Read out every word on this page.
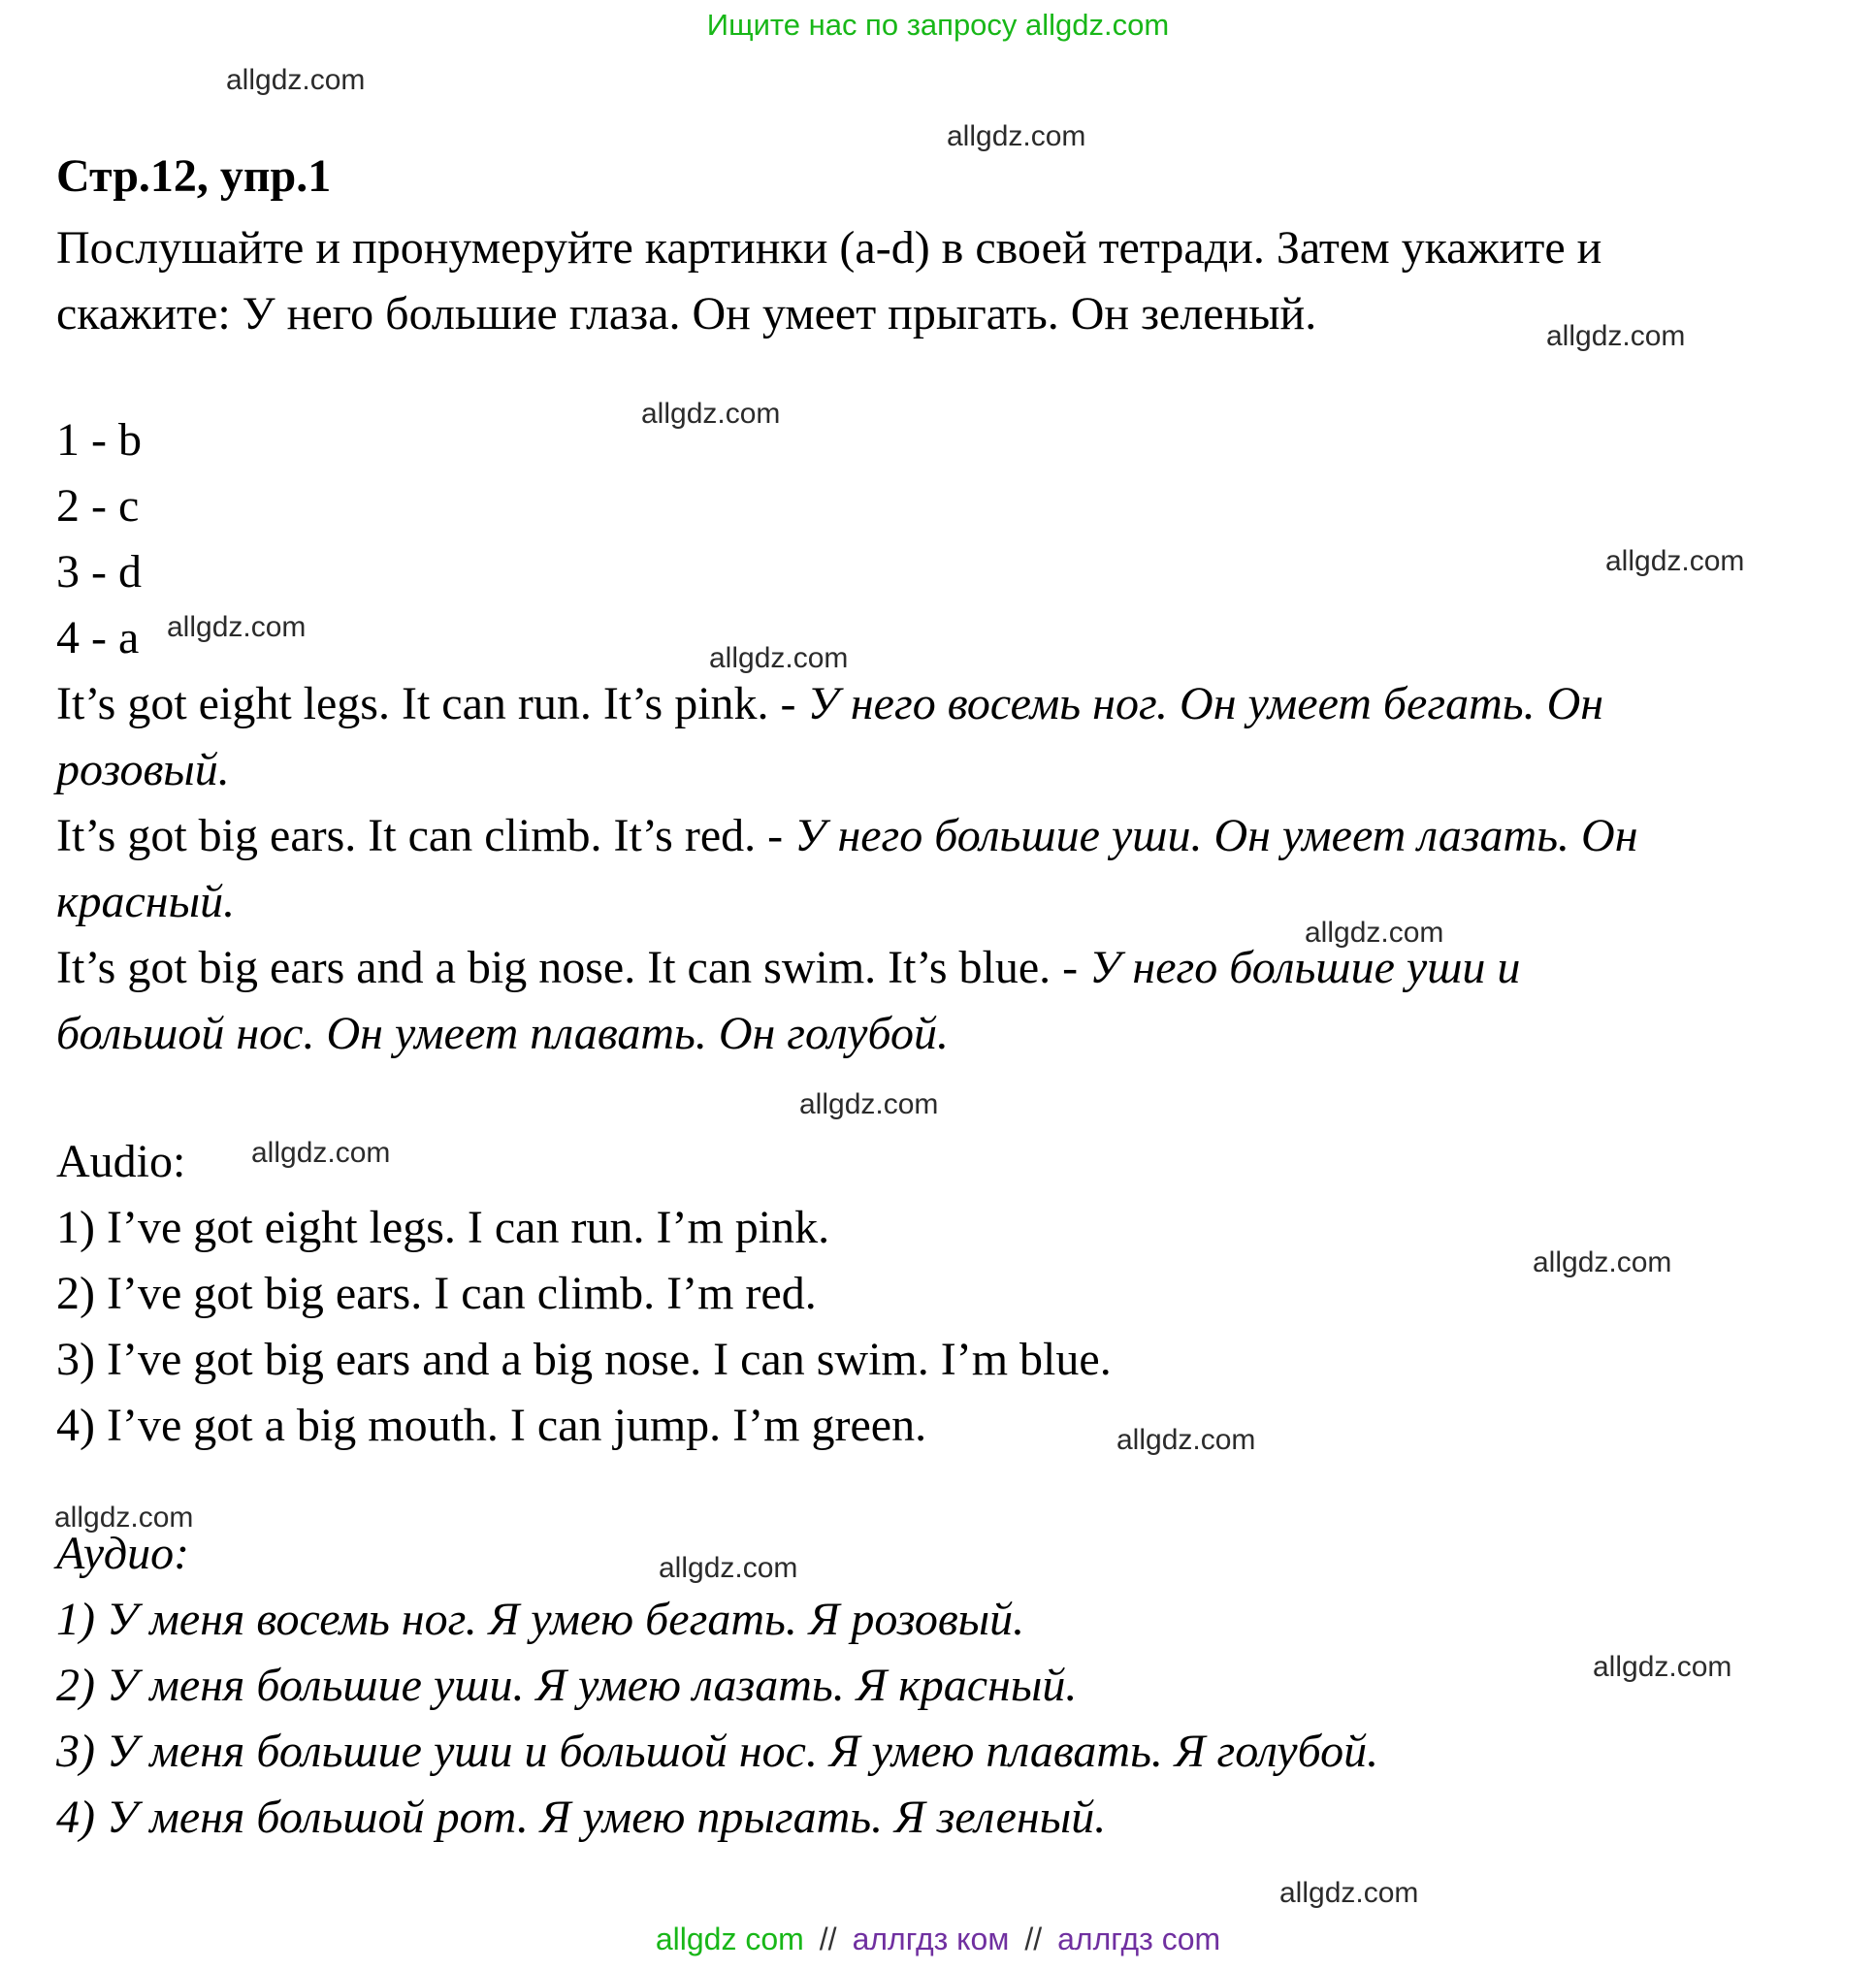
Ищите нас по запросу allgdz.com
allgdz.com
allgdz.com
allgdz.com
allgdz.com
allgdz.com
allgdz.com
allgdz.com
allgdz.com
allgdz.com
allgdz.com
allgdz.com
allgdz.com
allgdz.com
allgdz.com
allgdz.com
allgdz.com
Стр.12, упр.1

Послушайте и пронумеруйте картинки (a-d) в своей тетради. Затем укажите и скажите: У него большие глаза. Он умеет прыгать. Он зеленый.

1 - b
2 - c
3 - d
4 - a

It’s got eight legs. It can run. It’s pink. - У него восемь ног. Он умеет бегать. Он розовый.

It’s got big ears. It can climb. It’s red. - У него большие уши. Он умеет лазать. Он красный.

It’s got big ears and a big nose. It can swim. It’s blue. - У него большие уши и большой нос. Он умеет плавать. Он голубой.

Audio:
1) I’ve got eight legs. I can run. I’m pink.
2) I’ve got big ears. I can climb. I’m red.
3) I’ve got big ears and a big nose. I can swim. I’m blue.
4) I’ve got a big mouth. I can jump. I’m green.
Аудио:
1) У меня восемь ног. Я умею бегать. Я розовый.
2) У меня большие уши. Я умею лазать. Я красный.
3) У меня большие уши и большой нос. Я умею плавать. Я голубой.
4) У меня большой рот. Я умею прыгать. Я зеленый.
allgdz com // аллгдз ком // аллгдз com
